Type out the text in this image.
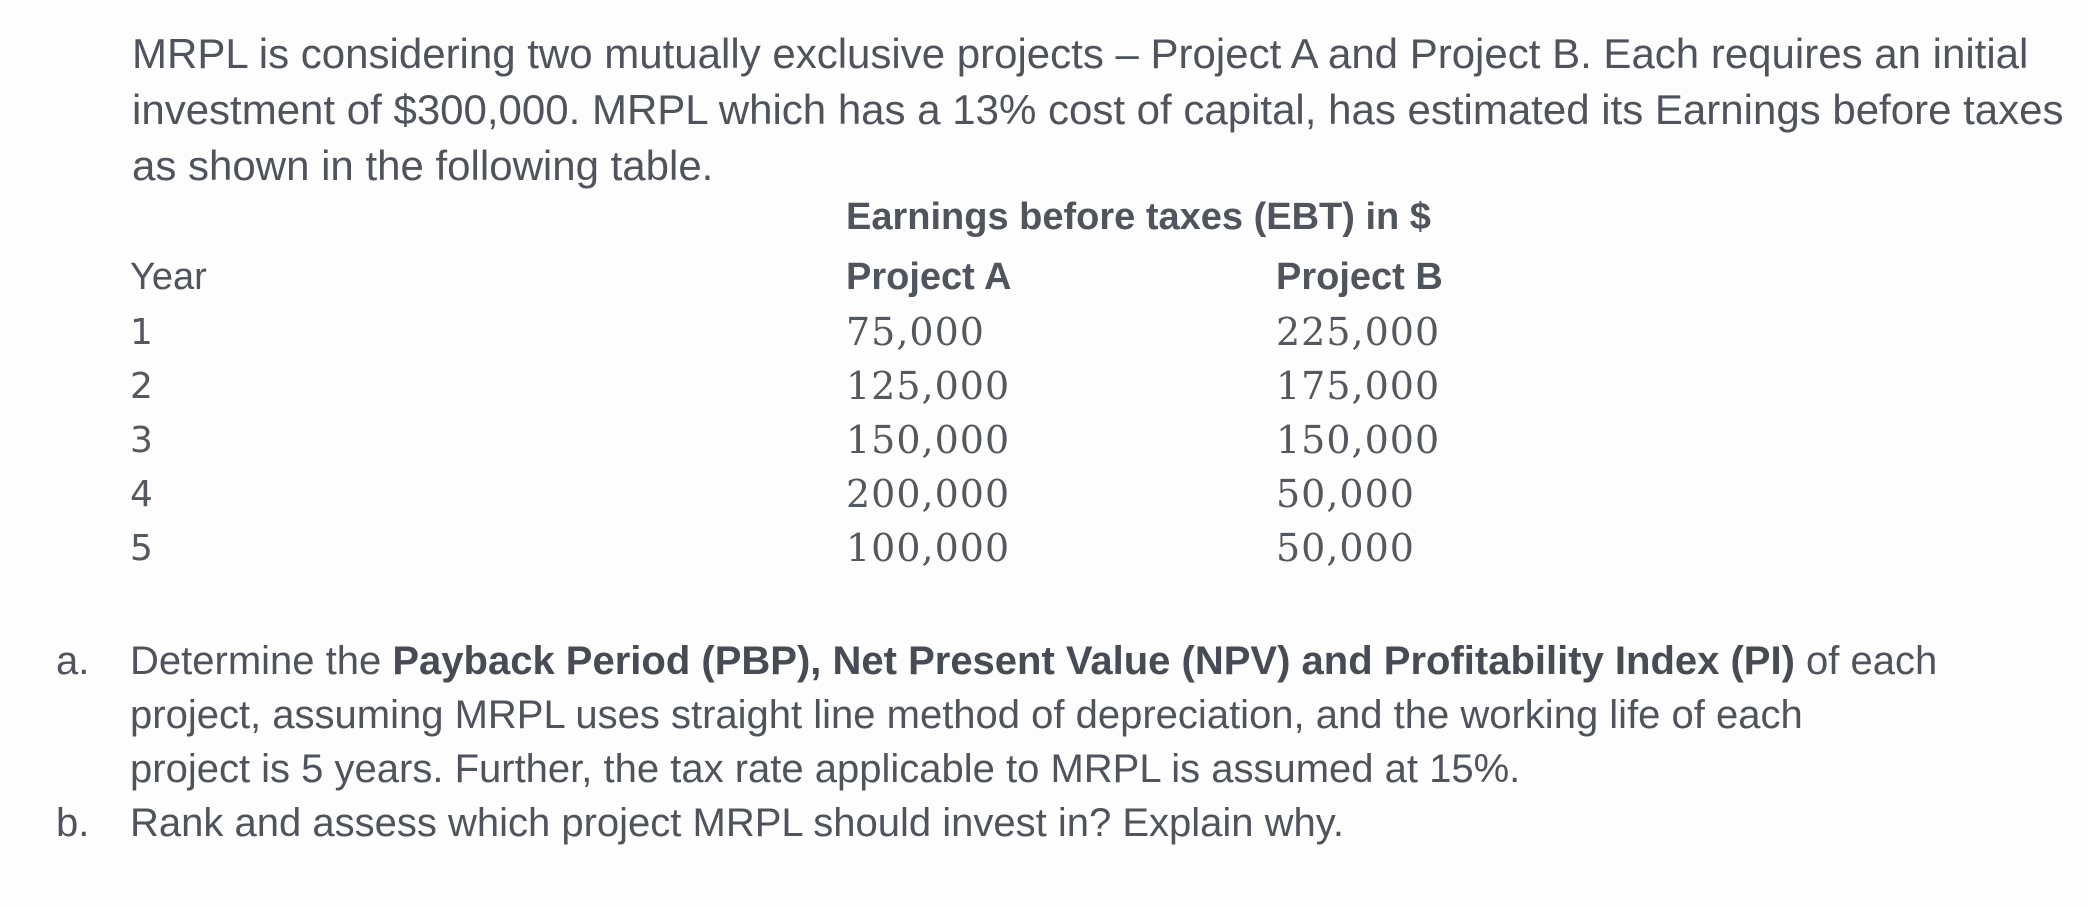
MRPL is considering two mutually exclusive projects – Project A and Project B. Each requires an initial
investment of $300,000. MRPL which has a 13% cost of capital, has estimated its Earnings before taxes
as shown in the following table.
Earnings before taxes (EBT) in $
Year	Project A	Project B
1	75,000	225,000
2	125,000	175,000
3	150,000	150,000
4	200,000	50,000
5	100,000	50,000
a. Determine the Payback Period (PBP), Net Present Value (NPV) and Profitability Index (PI) of each
project, assuming MRPL uses straight line method of depreciation, and the working life of each
project is 5 years. Further, the tax rate applicable to MRPL is assumed at 15%.
b. Rank and assess which project MRPL should invest in? Explain why.
